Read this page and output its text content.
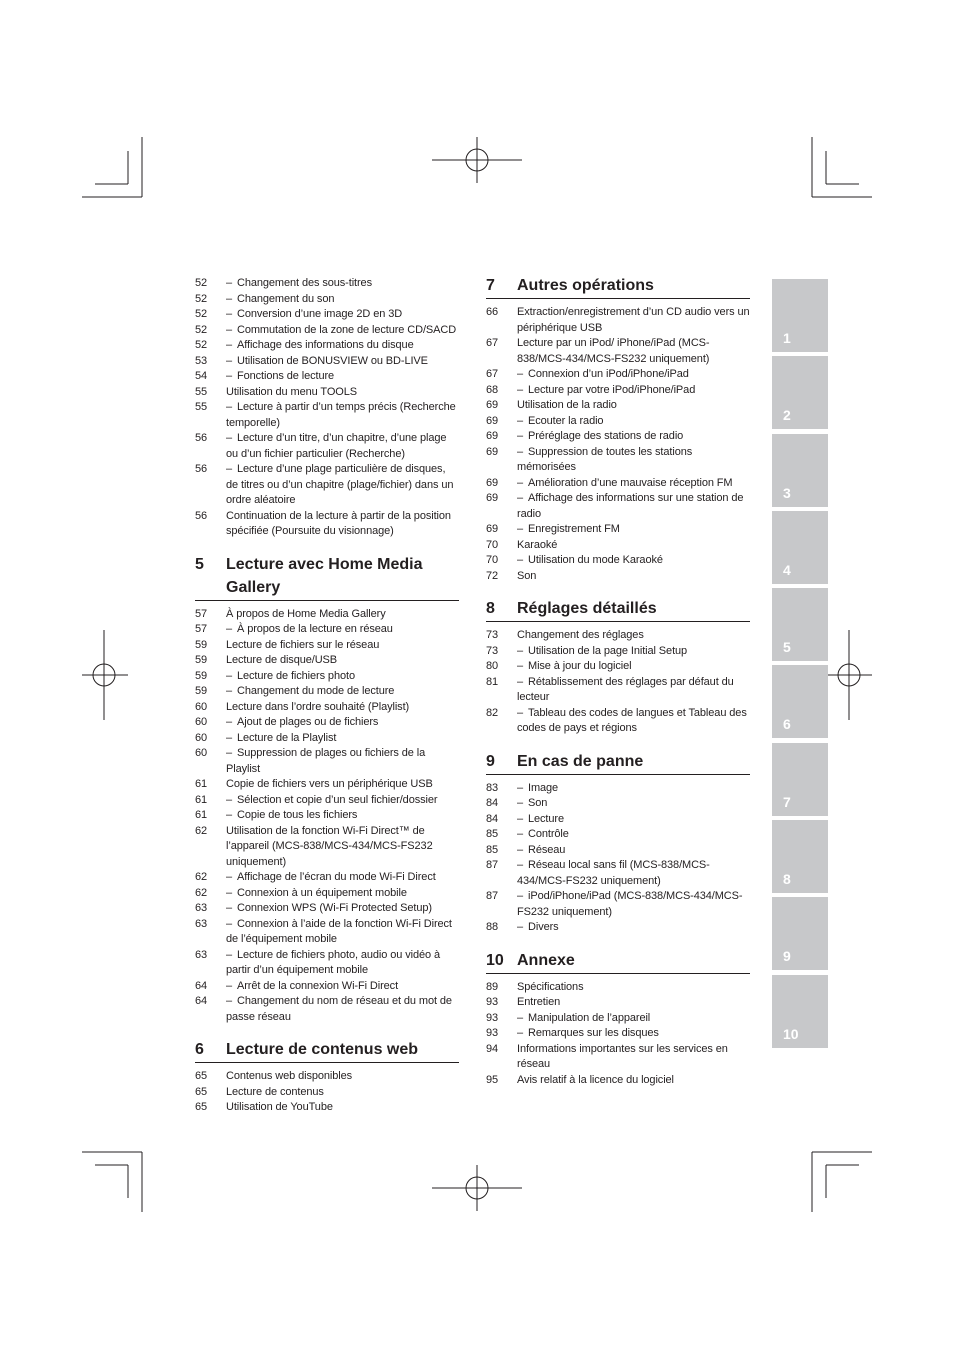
52	– Changement des sous-titres
52	– Changement du son
52	– Conversion d’une image 2D en 3D
52	– Commutation de la zone de lecture CD/SACD
52	– Affichage des informations du disque
53	– Utilisation de BONUSVIEW ou BD-LIVE
54	– Fonctions de lecture
55	Utilisation du menu TOOLS
55	– Lecture à partir d’un temps précis (Recherche temporelle)
56	– Lecture d’un titre, d’un chapitre, d’une plage ou d’un fichier particulier (Recherche)
56	– Lecture d’une plage particulière de disques, de titres ou d’un chapitre (plage/fichier) dans un ordre aléatoire
56	Continuation de la lecture à partir de la position spécifiée (Poursuite du visionnage)
5	Lecture avec Home Media Gallery
57	À propos de Home Media Gallery
57	– À propos de la lecture en réseau
59	Lecture de fichiers sur le réseau
59	Lecture de disque/USB
59	– Lecture de fichiers photo
59	– Changement du mode de lecture
60	Lecture dans l’ordre souhaité (Playlist)
60	– Ajout de plages ou de fichiers
60	– Lecture de la Playlist
60	– Suppression de plages ou fichiers de la Playlist
61	Copie de fichiers vers un périphérique USB
61	– Sélection et copie d’un seul fichier/dossier
61	– Copie de tous les fichiers
62	Utilisation de la fonction Wi-Fi Direct™ de l’appareil (MCS-838/MCS-434/MCS-FS232 uniquement)
62	– Affichage de l’écran du mode Wi-Fi Direct
62	– Connexion à un équipement mobile
63	– Connexion WPS (Wi-Fi Protected Setup)
63	– Connexion à l’aide de la fonction Wi-Fi Direct de l’équipement mobile
63	– Lecture de fichiers photo, audio ou vidéo à partir d’un équipement mobile
64	– Arrêt de la connexion Wi-Fi Direct
64	– Changement du nom de réseau et du mot de passe réseau
6	Lecture de contenus web
65	Contenus web disponibles
65	Lecture de contenus
65	Utilisation de YouTube
7	Autres opérations
66	Extraction/enregistrement d’un CD audio vers un périphérique USB
67	Lecture par un iPod/ iPhone/iPad (MCS-838/MCS-434/MCS-FS232 uniquement)
67	– Connexion d’un iPod/iPhone/iPad
68	– Lecture par votre iPod/iPhone/iPad
69	Utilisation de la radio
69	– Ecouter la radio
69	– Préréglage des stations de radio
69	– Suppression de toutes les stations mémorisées
69	– Amélioration d’une mauvaise réception FM
69	– Affichage des informations sur une station de radio
69	– Enregistrement FM
70	Karaoké
70	– Utilisation du mode Karaoké
72	Son
8	Réglages détaillés
73	Changement des réglages
73	– Utilisation de la page Initial Setup
80	– Mise à jour du logiciel
81	– Rétablissement des réglages par défaut du lecteur
82	– Tableau des codes de langues et Tableau des codes de pays et régions
9	En cas de panne
83	– Image
84	– Son
84	– Lecture
85	– Contrôle
85	– Réseau
87	– Réseau local sans fil (MCS-838/MCS-434/MCS-FS232 uniquement)
87	– iPod/iPhone/iPad (MCS-838/MCS-434/MCS-FS232 uniquement)
88	– Divers
10 Annexe
89	Spécifications
93	Entretien
93	– Manipulation de l’appareil
93	– Remarques sur les disques
94	Informations importantes sur les services en réseau
95	Avis relatif à la licence du logiciel
1
2
3
4
5
6
7
8
9
10
